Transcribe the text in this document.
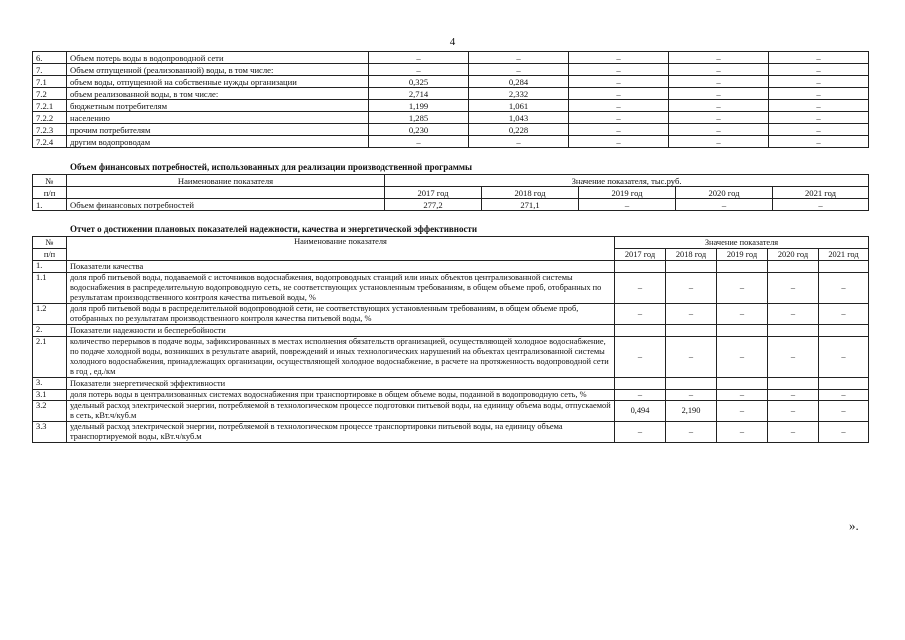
4
6.	Объем потерь воды в водопроводной сети	–	–	–	–	–
7.	Объем отпущенной (реализованной) воды, в том числе:	–	–	–	–	–
7.1	объем воды, отпущенной на собственные нужды организации	0,325	0,284	–	–	–
7.2	объем реализованной воды, в том числе:	2,714	2,332	–	–	–
7.2.1	бюджетным потребителям	1,199	1,061	–	–	–
7.2.2	населению	1,285	1,043	–	–	–
7.2.3	прочим потребителям	0,230	0,228	–	–	–
7.2.4	другим водопроводам	–	–	–	–	–
Объем финансовых потребностей, использованных для реализации производственной программы
№	Наименование показателя	Значение показателя, тыс.руб.				
п/п		2017 год	2018 год	2019 год	2020 год	2021 год
1.	Объем финансовых потребностей	277,2	271,1	–	–	–
Отчет о достижении плановых показателей надежности, качества и энергетической эффективности
№	Наименование показателя	Значение показателя				
п/п		2017 год	2018 год	2019 год	2020 год	2021 год
1.	Показатели качества					
1.1	доля проб питьевой воды, подаваемой с источников водоснабжения, водопроводных станций или иных объектов централизованной системы водоснабжения в распределительную водопроводную сеть, не соответствующих установленным требованиям, в общем объеме проб, отобранных по результатам производственного контроля качества питьевой воды, %	–	–	–	–	–
1.2	доля проб питьевой воды в распределительной водопроводной сети, не соответствующих установленным требованиям, в общем объеме проб, отобранных по результатам производственного контроля качества питьевой воды, %	–	–	–	–	–
2.	Показатели надежности и бесперебойности					
2.1	количество перерывов в подаче воды, зафиксированных в местах исполнения обязательств организацией, осуществляющей холодное водоснабжение, по подаче холодной воды, возникших в результате аварий, повреждений и иных технологических нарушений на объектах централизованной системы холодного водоснабжения, принадлежащих организации, осуществляющей холодное водоснабжение, в расчете на протяженность водопроводной сети в год , ед./км	–	–	–	–	–
3.	Показатели энергетической эффективности					
3.1	доля потерь воды в централизованных системах водоснабжения при транспортировке в общем объеме воды, поданной в водопроводную сеть, %	–	–	–	–	–
3.2	удельный расход электрической энергии, потребляемой в технологическом процессе подготовки питьевой воды, на единицу объема воды, отпускаемой в сеть, кВт.ч/куб.м	0,494	2,190	–	–	–
3.3	удельный расход электрической энергии, потребляемой в технологическом процессе транспортировки питьевой воды, на единицу объема транспортируемой воды, кВт.ч/куб.м	–	–	–	–	–
».
